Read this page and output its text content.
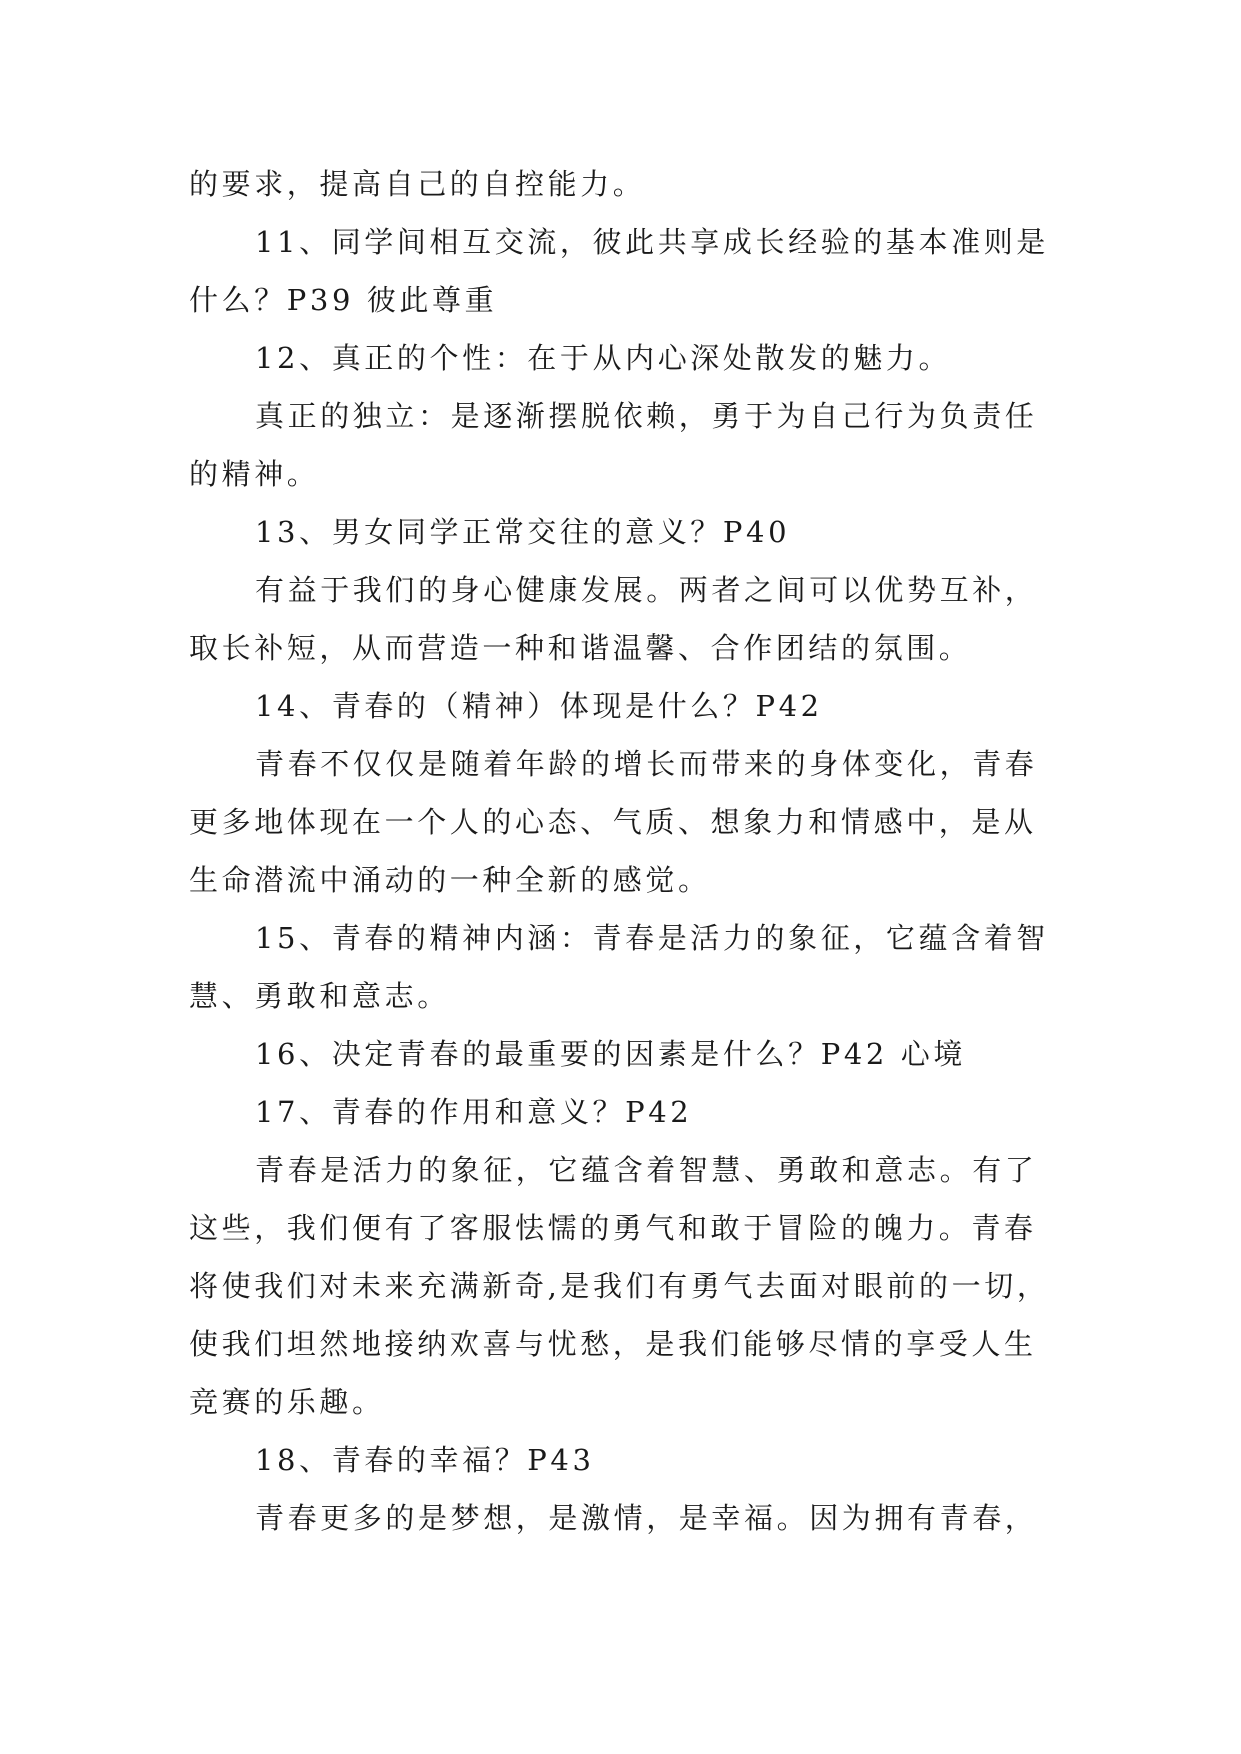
的要求，提高自己的自控能力。
11、同学间相互交流，彼此共享成长经验的基本准则是
什么？P39 彼此尊重
12、真正的个性：在于从内心深处散发的魅力。
真正的独立：是逐渐摆脱依赖，勇于为自己行为负责任
的精神。
13、男女同学正常交往的意义？P40
有益于我们的身心健康发展。两者之间可以优势互补，
取长补短，从而营造一种和谐温馨、合作团结的氛围。
14、青春的（精神）体现是什么？P42
青春不仅仅是随着年龄的增长而带来的身体变化，青春
更多地体现在一个人的心态、气质、想象力和情感中，是从
生命潜流中涌动的一种全新的感觉。
15、青春的精神内涵：青春是活力的象征，它蕴含着智
慧、勇敢和意志。
16、决定青春的最重要的因素是什么？P42 心境
17、青春的作用和意义？P42
青春是活力的象征，它蕴含着智慧、勇敢和意志。有了
这些，我们便有了客服怯懦的勇气和敢于冒险的魄力。青春
将使我们对未来充满新奇,是我们有勇气去面对眼前的一切，
使我们坦然地接纳欢喜与忧愁，是我们能够尽情的享受人生
竞赛的乐趣。
18、青春的幸福？P43
青春更多的是梦想，是激情，是幸福。因为拥有青春，
